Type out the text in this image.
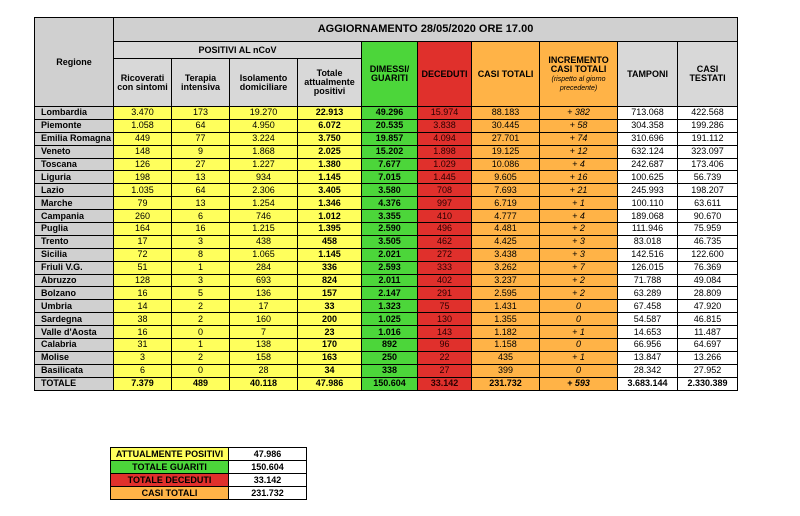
Regione	AGGIORNAMENTO 28/05/2020 ORE 17.00									
	POSITIVI AL nCoV				DIMESSI/ GUARITI	DECEDUTI	CASI TOTALI	INCREMENTO CASI TOTALI
(rispetto al giorno precedente)	TAMPONI	CASI TESTATI
	Ricoverati con sintomi	Terapia intensiva	Isolamento domiciliare	Totale attualmente positivi						
Lombardia	3.470	173	19.270	22.913	49.296	15.974	88.183	+ 382	713.068	422.568
Piemonte	1.058	64	4.950	6.072	20.535	3.838	30.445	+ 58	304.358	199.286
Emilia Romagna	449	77	3.224	3.750	19.857	4.094	27.701	+ 74	310.696	191.112
Veneto	148	9	1.868	2.025	15.202	1.898	19.125	+ 12	632.124	323.097
Toscana	126	27	1.227	1.380	7.677	1.029	10.086	+ 4	242.687	173.406
Liguria	198	13	934	1.145	7.015	1.445	9.605	+ 16	100.625	56.739
Lazio	1.035	64	2.306	3.405	3.580	708	7.693	+ 21	245.993	198.207
Marche	79	13	1.254	1.346	4.376	997	6.719	+ 1	100.110	63.611
Campania	260	6	746	1.012	3.355	410	4.777	+ 4	189.068	90.670
Puglia	164	16	1.215	1.395	2.590	496	4.481	+ 2	111.946	75.959
Trento	17	3	438	458	3.505	462	4.425	+ 3	83.018	46.735
Sicilia	72	8	1.065	1.145	2.021	272	3.438	+ 3	142.516	122.600
Friuli V.G.	51	1	284	336	2.593	333	3.262	+ 7	126.015	76.369
Abruzzo	128	3	693	824	2.011	402	3.237	+ 2	71.788	49.084
Bolzano	16	5	136	157	2.147	291	2.595	+ 2	63.289	28.809
Umbria	14	2	17	33	1.323	75	1.431	0	67.458	47.920
Sardegna	38	2	160	200	1.025	130	1.355	0	54.587	46.815
Valle d'Aosta	16	0	7	23	1.016	143	1.182	+ 1	14.653	11.487
Calabria	31	1	138	170	892	96	1.158	0	66.956	64.697
Molise	3	2	158	163	250	22	435	+ 1	13.847	13.266
Basilicata	6	0	28	34	338	27	399	0	28.342	27.952
TOTALE	7.379	489	40.118	47.986	150.604	33.142	231.732	+ 593	3.683.144	2.330.389
ATTUALMENTE POSITIVI	47.986
TOTALE GUARITI	150.604
TOTALE DECEDUTI	33.142
CASI TOTALI	231.732
